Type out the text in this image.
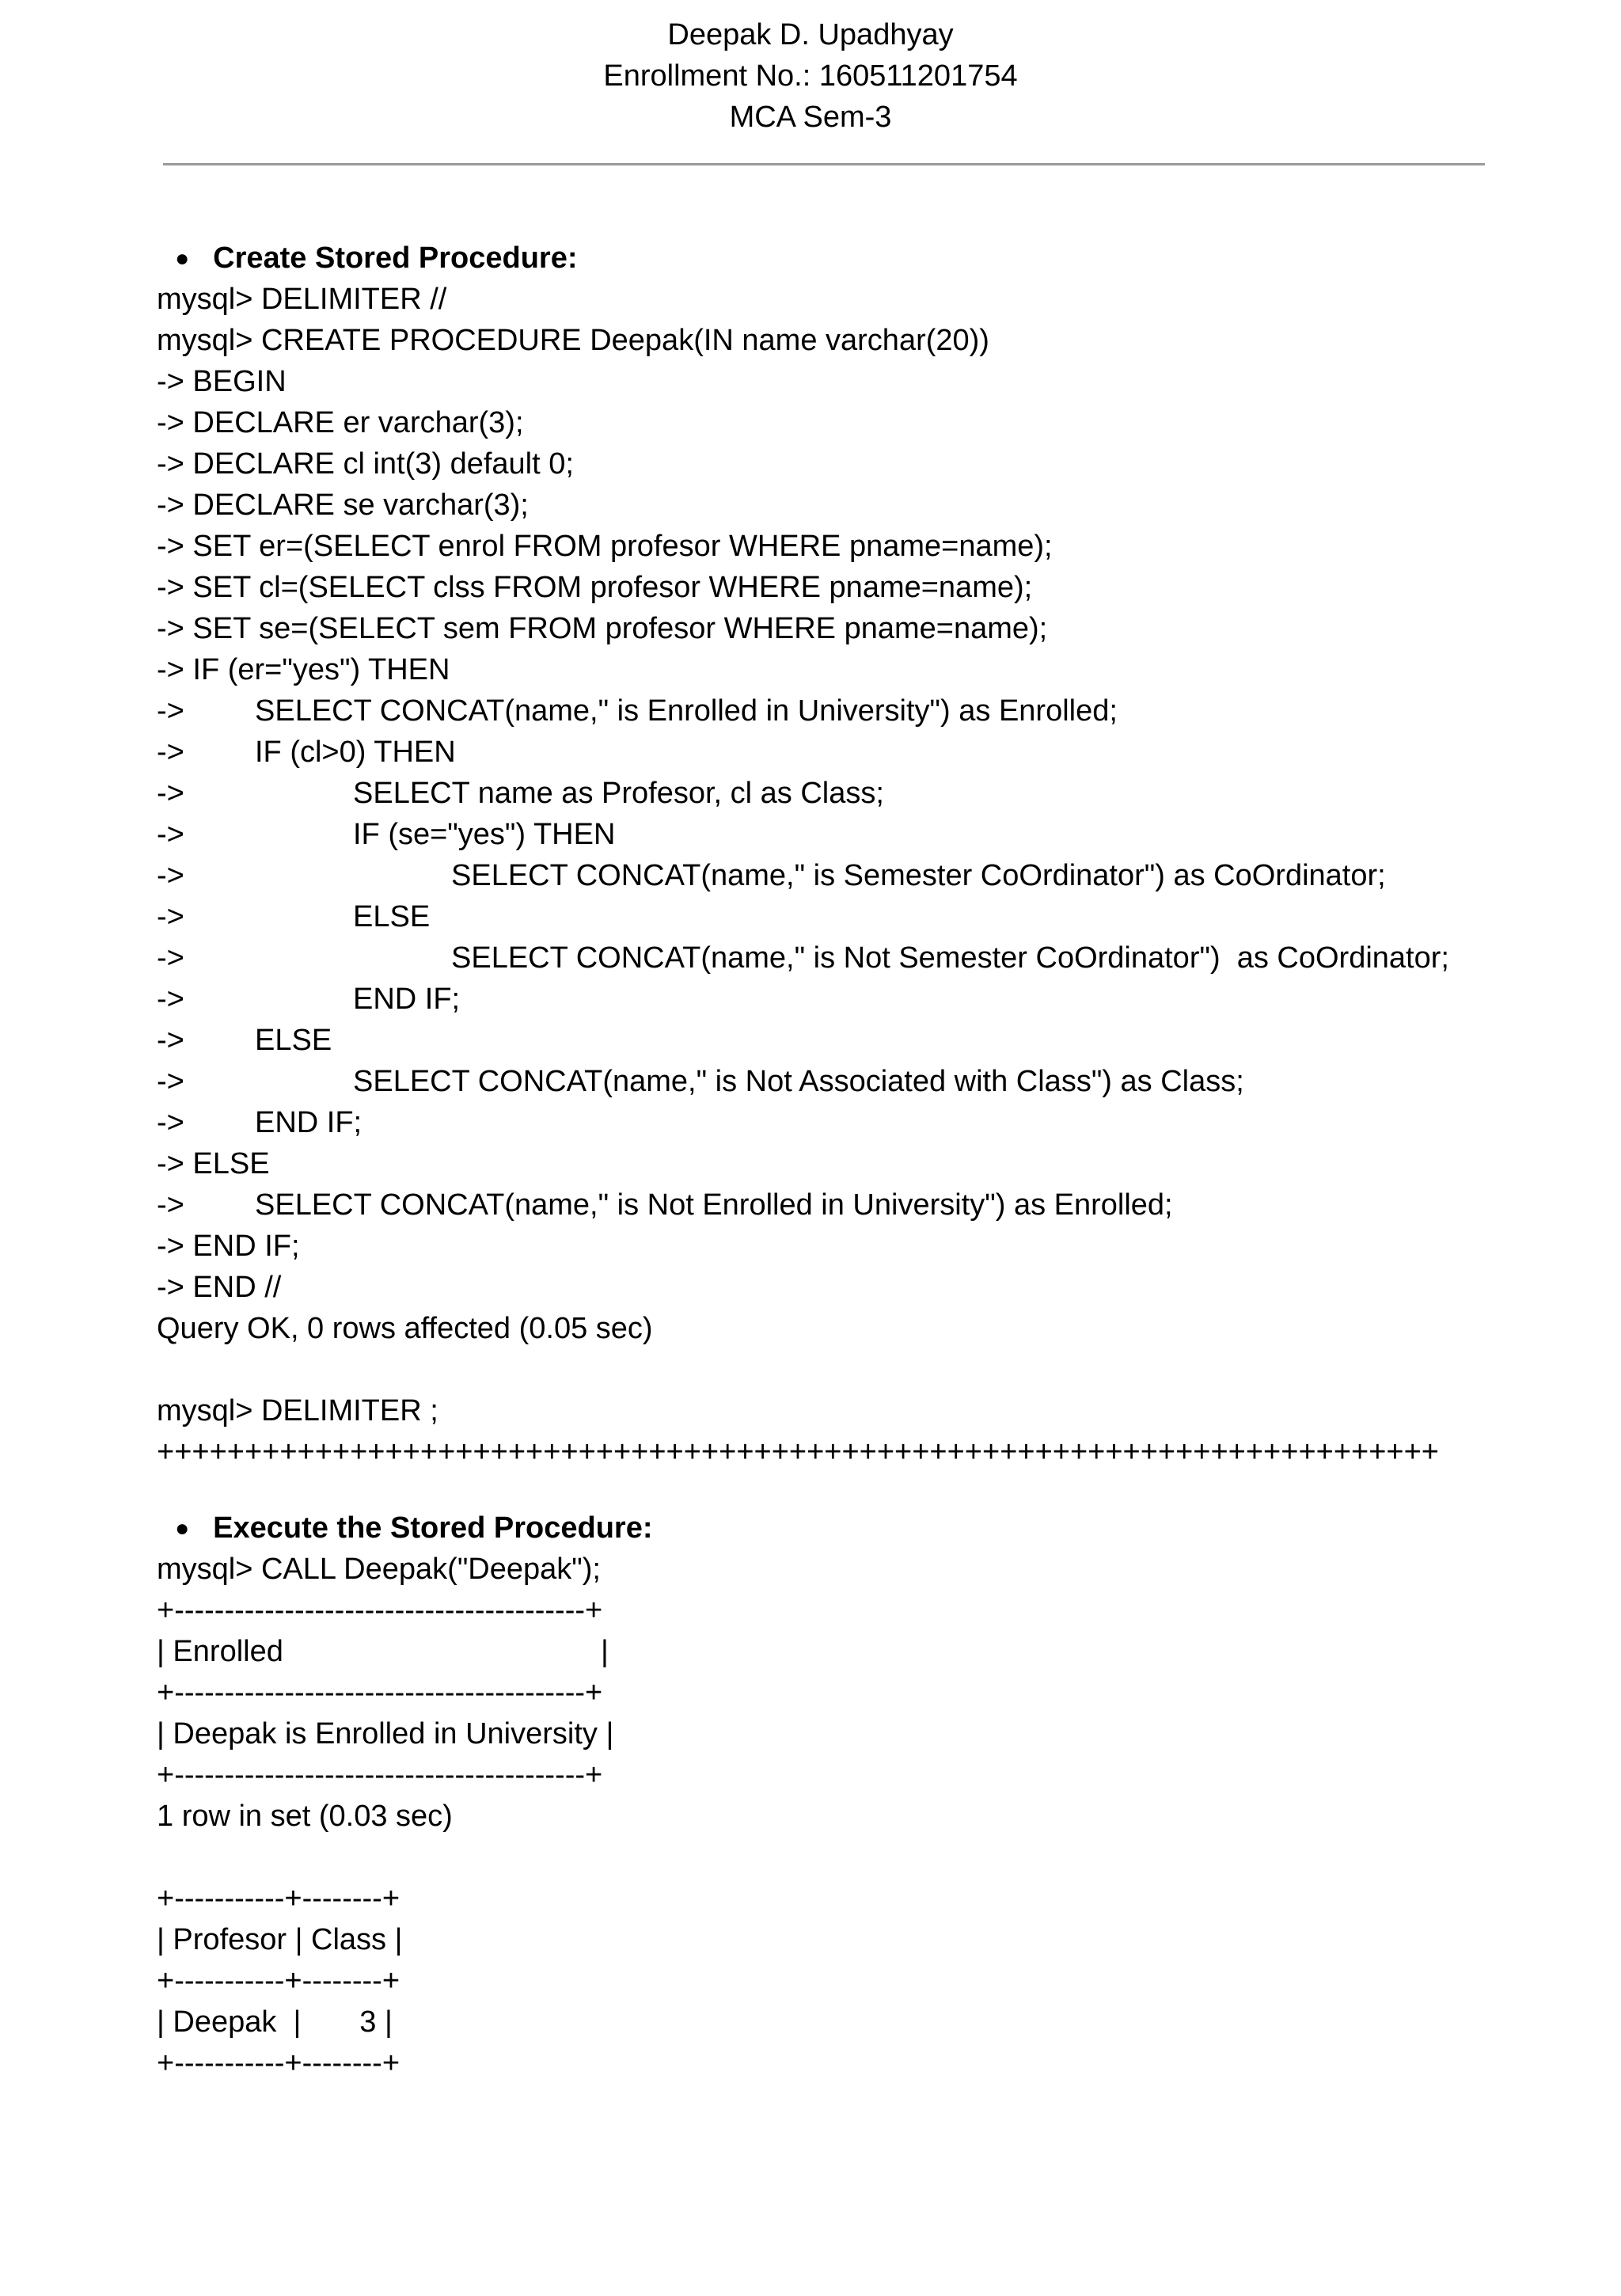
Deepak D. Upadhyay
Enrollment No.: 160511201754
MCA Sem-3

● Create Stored Procedure:

mysql> DELIMITER //
mysql> CREATE PROCEDURE Deepak(IN name varchar(20))
-> BEGIN
-> DECLARE er varchar(3);
-> DECLARE cl int(3) default 0;
-> DECLARE se varchar(3);
-> SET er=(SELECT enrol FROM profesor WHERE pname=name);
-> SET cl=(SELECT clss FROM profesor WHERE pname=name);
-> SET se=(SELECT sem FROM profesor WHERE pname=name);
-> IF (er="yes") THEN
-> SELECT CONCAT(name," is Enrolled in University") as Enrolled;
-> IF (cl>0) THEN
->	SELECT name as Profesor, cl as Class;
->	IF (se="yes") THEN
->	SELECT CONCAT(name," is Semester CoOrdinator") as CoOrdinator;
->	ELSE
->	SELECT CONCAT(name," is Not Semester CoOrdinator")  as CoOrdinator;
->	END IF;
-> ELSE
->	SELECT CONCAT(name," is Not Associated with Class") as Class;
-> END IF;
-> ELSE
-> SELECT CONCAT(name," is Not Enrolled in University") as Enrolled;
-> END IF;
-> END //
Query OK, 0 rows affected (0.05 sec)
mysql> DELIMITER ;
+++++++++++++++++++++++++++++++++++++++++++++++++++++++++++++++++++++++++

● Execute the Stored Procedure:

mysql> CALL Deepak("Deepak");
+-----------------------------------------+
| Enrolled                                      |
+-----------------------------------------+
| Deepak is Enrolled in University |
+-----------------------------------------+
1 row in set (0.03 sec)
+-----------+--------+
| Profesor | Class |
+-----------+--------+
| Deepak  |       3 |
+-----------+--------+
